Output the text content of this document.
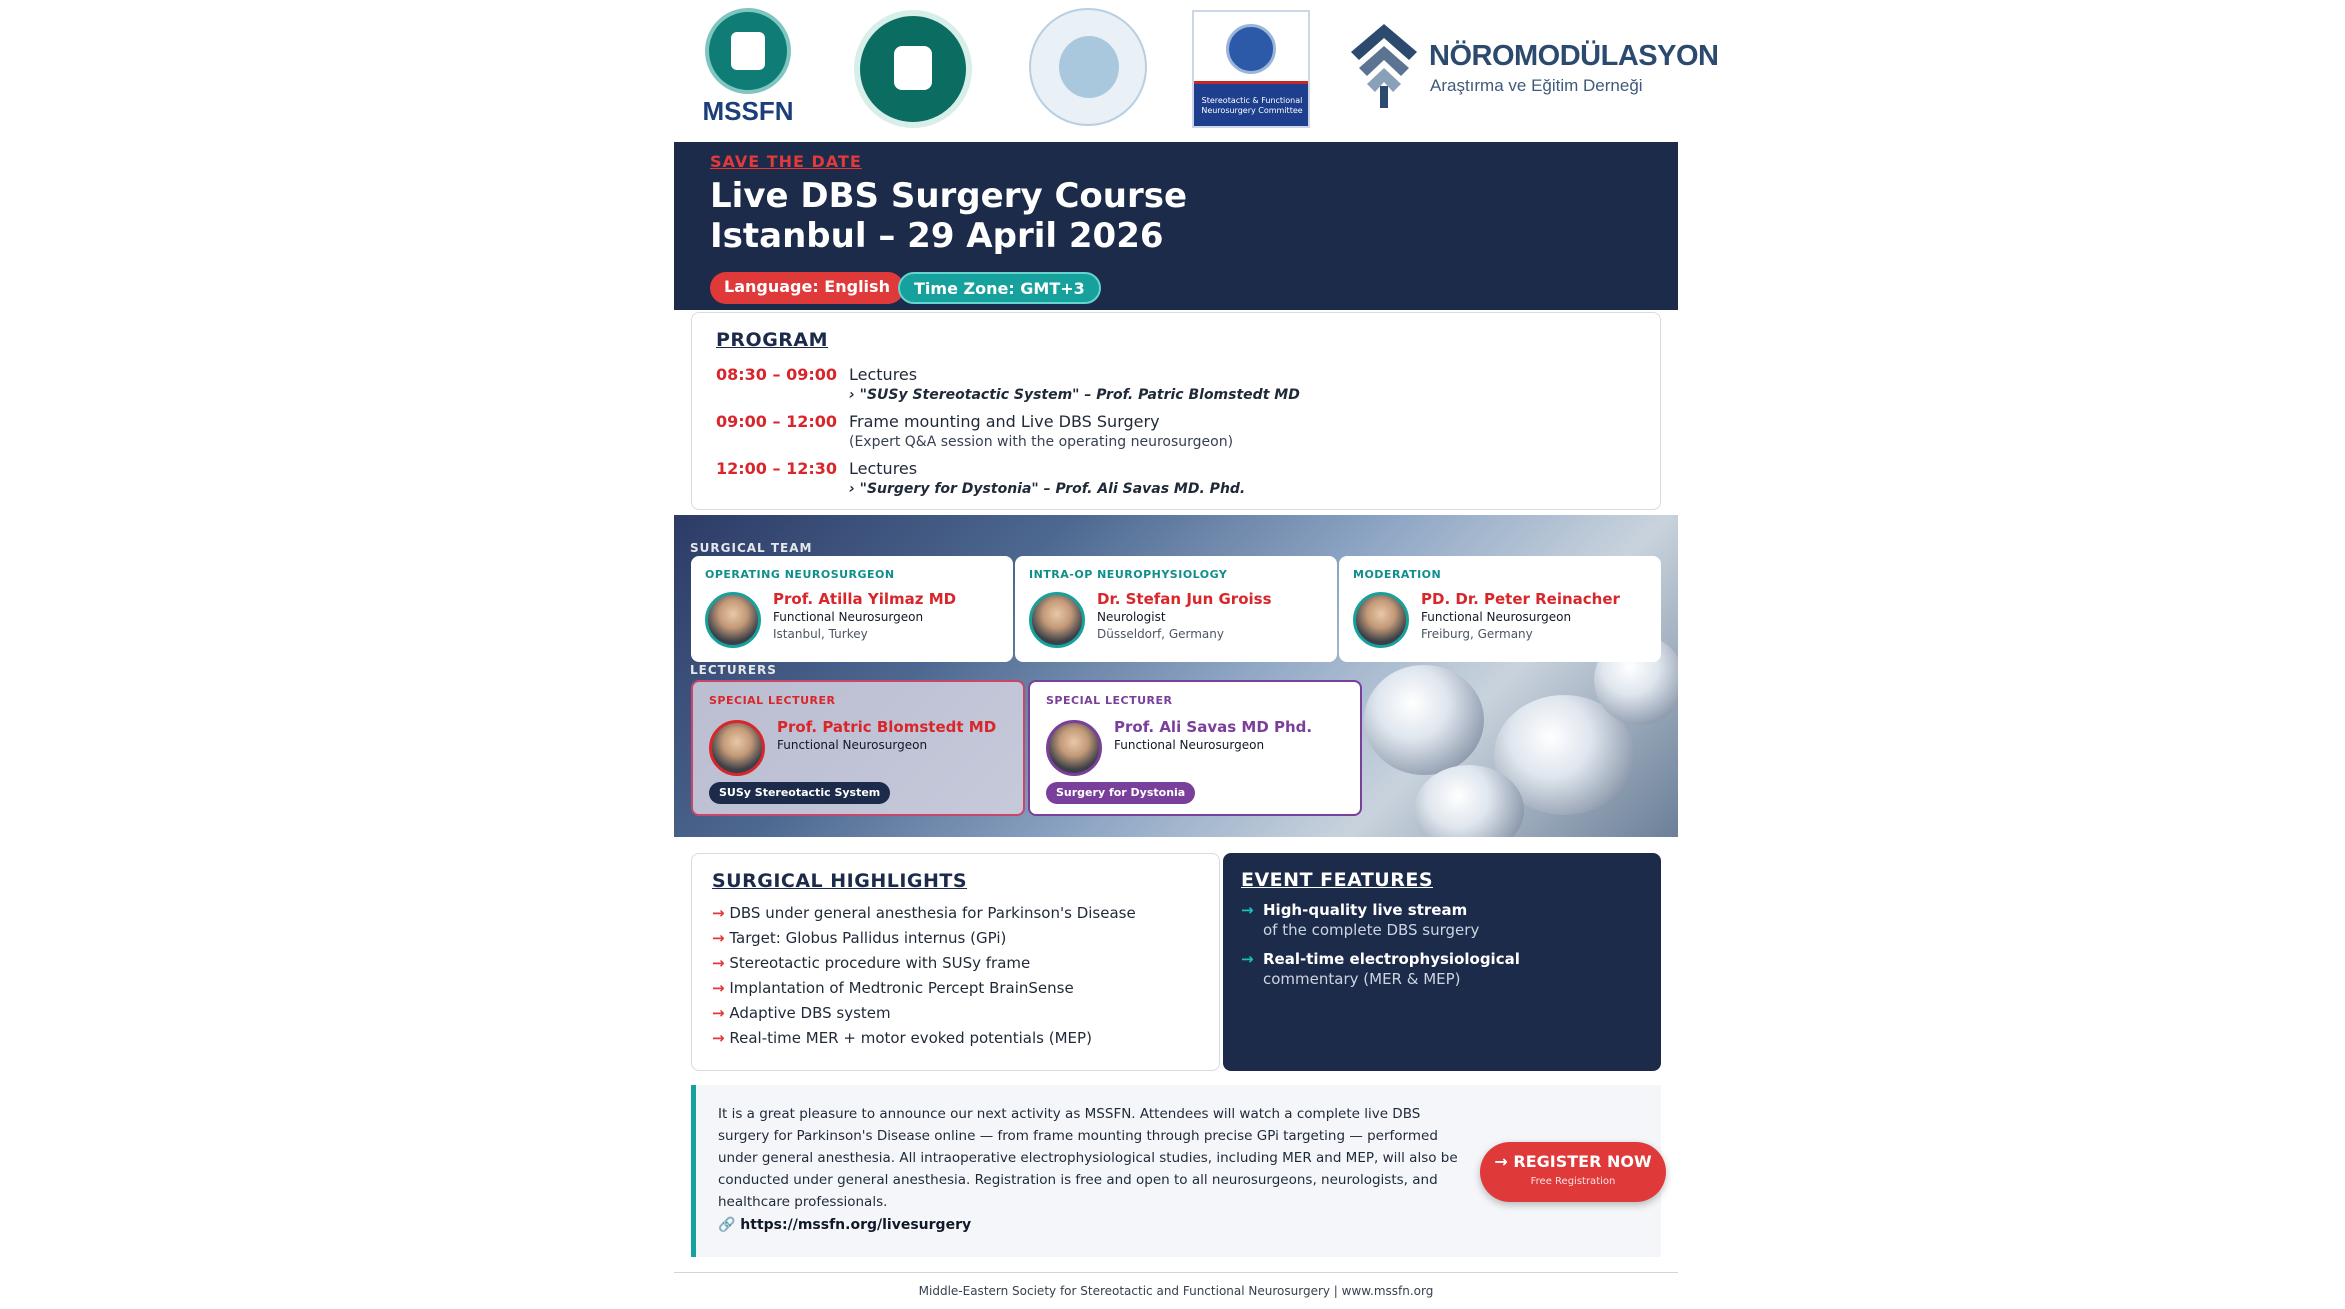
MSSFN	Stereotactic & Functional Neurosurgery Committee
NÖROMODÜLASYON
Araştırma ve Eğitim Derneği
SAVE THE DATE
Live DBS Surgery Course
Istanbul – 29 April 2026
Language: English	Time Zone: GMT+3
PROGRAM
08:30 – 09:00 Lectures
› "SUSy Stereotactic System" – Prof. Patric Blomstedt MD
09:00 – 12:00 Frame mounting and Live DBS Surgery
(Expert Q&A session with the operating neurosurgeon)
12:00 – 12:30 Lectures
› "Surgery for Dystonia" – Prof. Ali Savas MD. Phd.
SURGICAL TEAM
OPERATING NEUROSURGEON
Prof. Atilla Yilmaz MD
Functional Neurosurgeon
Istanbul, Turkey
INTRA-OP NEUROPHYSIOLOGY
Dr. Stefan Jun Groiss
Neurologist
Düsseldorf, Germany
MODERATION
PD. Dr. Peter Reinacher
Functional Neurosurgeon
Freiburg, Germany
LECTURERS
SPECIAL LECTURER
Prof. Patric Blomstedt MD
Functional Neurosurgeon
SUSy Stereotactic System
SPECIAL LECTURER
Prof. Ali Savas MD Phd.
Functional Neurosurgeon
Surgery for Dystonia
SURGICAL HIGHLIGHTS
→ DBS under general anesthesia for Parkinson's Disease
→ Target: Globus Pallidus internus (GPi)
→ Stereotactic procedure with SUSy frame
→ Implantation of Medtronic Percept BrainSense
→ Adaptive DBS system
→ Real-time MER + motor evoked potentials (MEP)
EVENT FEATURES
→ High-quality live stream
of the complete DBS surgery
→ Real-time electrophysiological
commentary (MER & MEP)
It is a great pleasure to announce our next activity as MSSFN. Attendees will watch a complete live DBS surgery for Parkinson's Disease online — from frame mounting through precise GPi targeting — performed under general anesthesia. All intraoperative electrophysiological studies, including MER and MEP, will also be conducted under general anesthesia. Registration is free and open to all neurosurgeons, neurologists, and healthcare professionals.
🔗 https://mssfn.org/livesurgery
→ REGISTER NOW
Free Registration
Middle-Eastern Society for Stereotactic and Functional Neurosurgery | www.mssfn.org
